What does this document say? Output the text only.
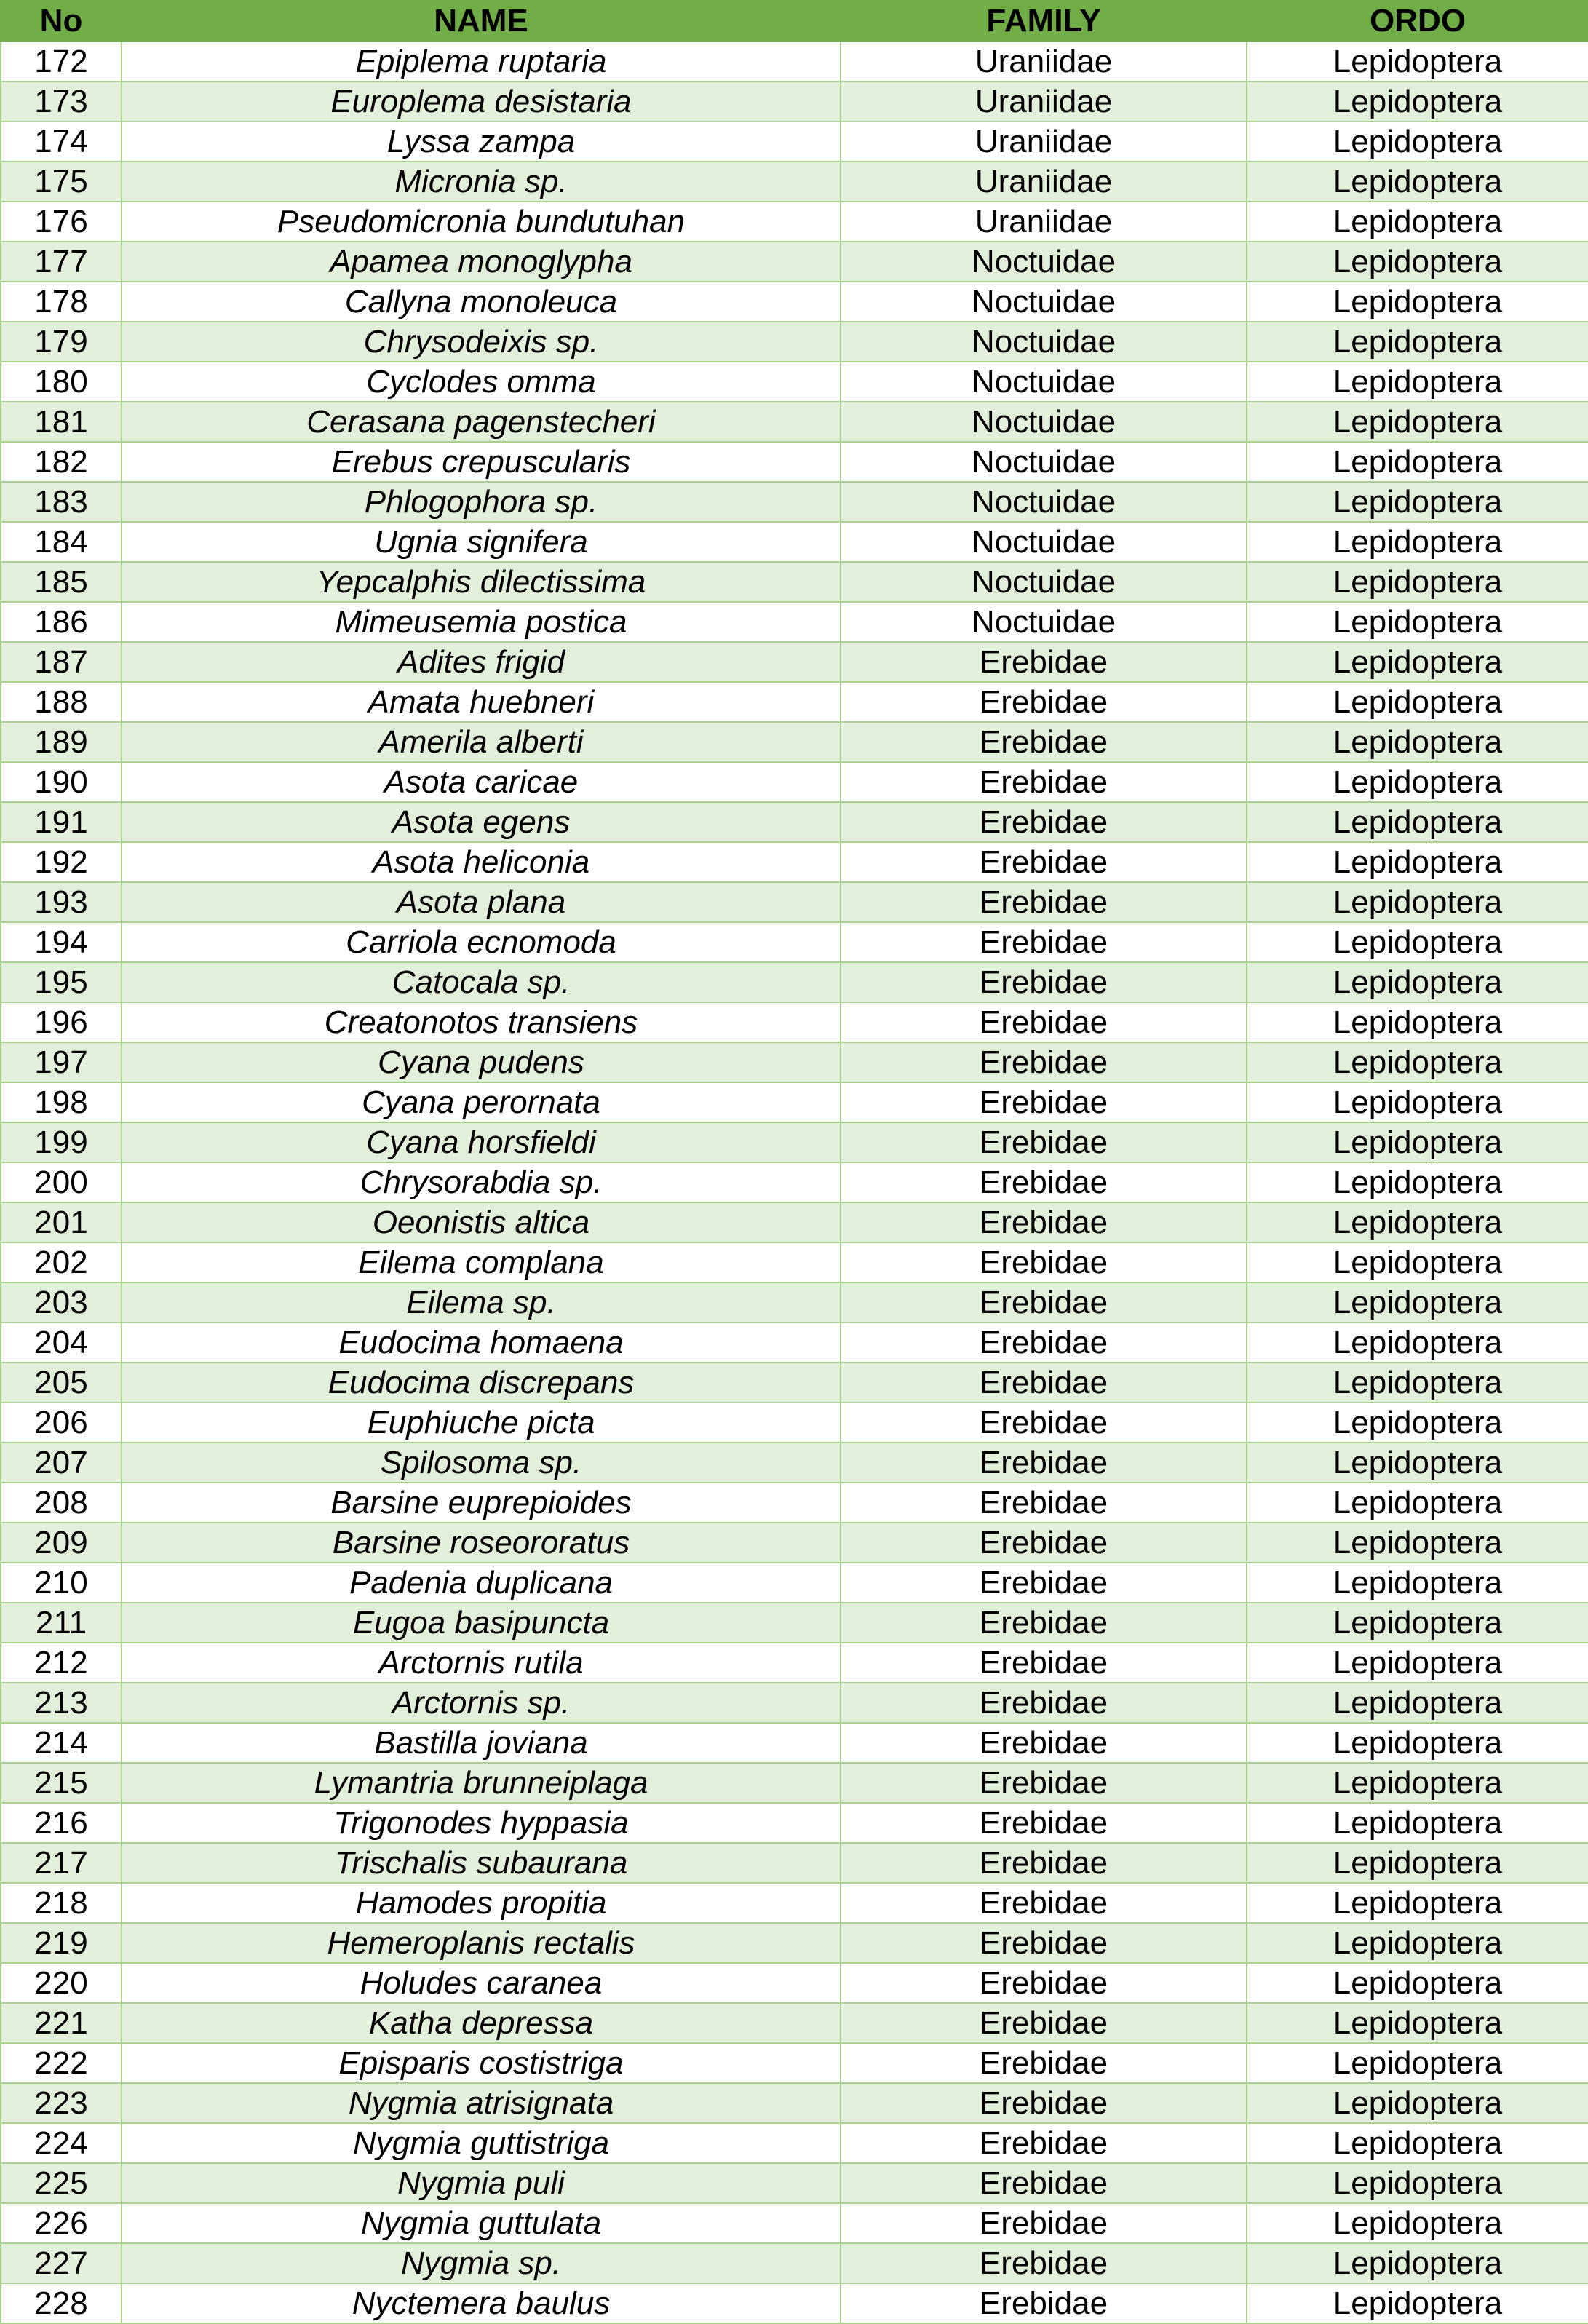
No	NAME	FAMILY	ORDO
172	Epiplema ruptaria	Uraniidae	Lepidoptera
173	Europlema desistaria	Uraniidae	Lepidoptera
174	Lyssa zampa	Uraniidae	Lepidoptera
175	Micronia sp.	Uraniidae	Lepidoptera
176	Pseudomicronia bundutuhan	Uraniidae	Lepidoptera
177	Apamea monoglypha	Noctuidae	Lepidoptera
178	Callyna monoleuca	Noctuidae	Lepidoptera
179	Chrysodeixis sp.	Noctuidae	Lepidoptera
180	Cyclodes omma	Noctuidae	Lepidoptera
181	Cerasana pagenstecheri	Noctuidae	Lepidoptera
182	Erebus crepuscularis	Noctuidae	Lepidoptera
183	Phlogophora sp.	Noctuidae	Lepidoptera
184	Ugnia signifera	Noctuidae	Lepidoptera
185	Yepcalphis dilectissima	Noctuidae	Lepidoptera
186	Mimeusemia postica	Noctuidae	Lepidoptera
187	Adites frigid	Erebidae	Lepidoptera
188	Amata huebneri	Erebidae	Lepidoptera
189	Amerila alberti	Erebidae	Lepidoptera
190	Asota caricae	Erebidae	Lepidoptera
191	Asota egens	Erebidae	Lepidoptera
192	Asota heliconia	Erebidae	Lepidoptera
193	Asota plana	Erebidae	Lepidoptera
194	Carriola ecnomoda	Erebidae	Lepidoptera
195	Catocala sp.	Erebidae	Lepidoptera
196	Creatonotos transiens	Erebidae	Lepidoptera
197	Cyana pudens	Erebidae	Lepidoptera
198	Cyana perornata	Erebidae	Lepidoptera
199	Cyana horsfieldi	Erebidae	Lepidoptera
200	Chrysorabdia sp.	Erebidae	Lepidoptera
201	Oeonistis altica	Erebidae	Lepidoptera
202	Eilema complana	Erebidae	Lepidoptera
203	Eilema sp.	Erebidae	Lepidoptera
204	Eudocima homaena	Erebidae	Lepidoptera
205	Eudocima discrepans	Erebidae	Lepidoptera
206	Euphiuche picta	Erebidae	Lepidoptera
207	Spilosoma sp.	Erebidae	Lepidoptera
208	Barsine euprepioides	Erebidae	Lepidoptera
209	Barsine roseororatus	Erebidae	Lepidoptera
210	Padenia duplicana	Erebidae	Lepidoptera
211	Eugoa basipuncta	Erebidae	Lepidoptera
212	Arctornis rutila	Erebidae	Lepidoptera
213	Arctornis sp.	Erebidae	Lepidoptera
214	Bastilla joviana	Erebidae	Lepidoptera
215	Lymantria brunneiplaga	Erebidae	Lepidoptera
216	Trigonodes hyppasia	Erebidae	Lepidoptera
217	Trischalis subaurana	Erebidae	Lepidoptera
218	Hamodes propitia	Erebidae	Lepidoptera
219	Hemeroplanis rectalis	Erebidae	Lepidoptera
220	Holudes caranea	Erebidae	Lepidoptera
221	Katha depressa	Erebidae	Lepidoptera
222	Episparis costistriga	Erebidae	Lepidoptera
223	Nygmia atrisignata	Erebidae	Lepidoptera
224	Nygmia guttistriga	Erebidae	Lepidoptera
225	Nygmia puli	Erebidae	Lepidoptera
226	Nygmia guttulata	Erebidae	Lepidoptera
227	Nygmia sp.	Erebidae	Lepidoptera
228	Nyctemera baulus	Erebidae	Lepidoptera
